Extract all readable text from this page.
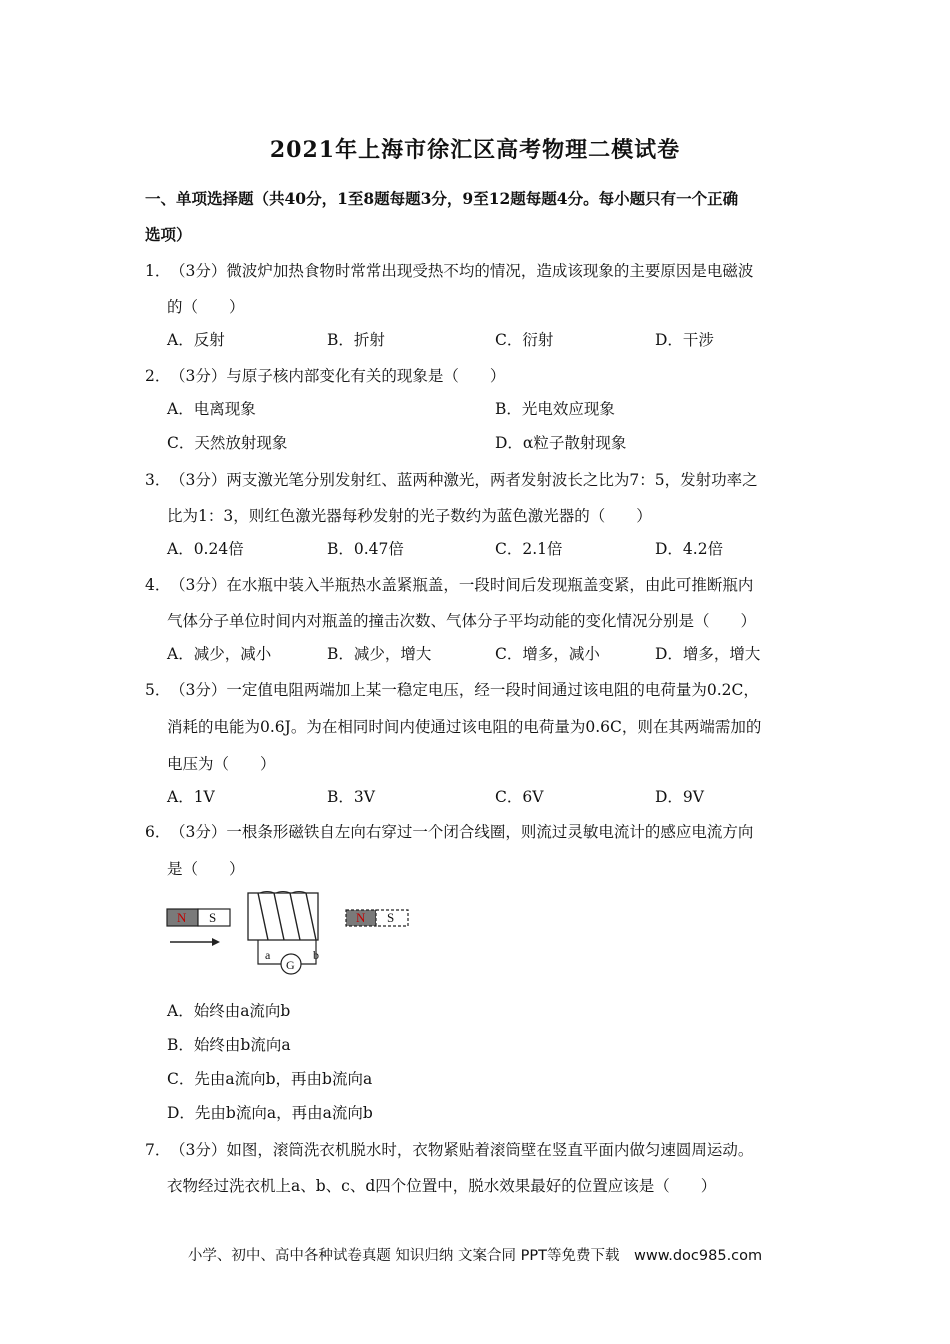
2021年上海市徐汇区高考物理二模试卷
一、单项选择题（共40分，1至8题每题3分，9至12题每题4分。每小题只有一个正确
选项）
1． （3分）微波炉加热食物时常常出现受热不均的情况，造成该现象的主要原因是电磁波
的（　　）
A．反射	B．折射	C．衍射	D．干涉
2． （3分）与原子核内部变化有关的现象是（　　）
A．电离现象	B．光电效应现象
C．天然放射现象	D．α粒子散射现象
3． （3分）两支激光笔分别发射红、蓝两种激光，两者发射波长之比为7：5，发射功率之
比为1：3，则红色激光器每秒发射的光子数约为蓝色激光器的（　　）
A．0.24倍	B．0.47倍	C．2.1倍	D．4.2倍
4． （3分）在水瓶中装入半瓶热水盖紧瓶盖，一段时间后发现瓶盖变紧，由此可推断瓶内
气体分子单位时间内对瓶盖的撞击次数、气体分子平均动能的变化情况分别是（　　）
A．减少，减小	B．减少，增大	C．增多，减小	D．增多，增大
5． （3分）一定值电阻两端加上某一稳定电压，经一段时间通过该电阻的电荷量为0.2C，
消耗的电能为0.6J。为在相同时间内使通过该电阻的电荷量为0.6C，则在其两端需加的
电压为（　　）
A．1V	B．3V	C．6V	D．9V
6． （3分）一根条形磁铁自左向右穿过一个闭合线圈，则流过灵敏电流计的感应电流方向
是（　　）
N S
G
a	b
N S
A．始终由a流向b
B．始终由b流向a
C．先由a流向b，再由b流向a
D．先由b流向a，再由a流向b
7． （3分）如图，滚筒洗衣机脱水时，衣物紧贴着滚筒壁在竖直平面内做匀速圆周运动。
衣物经过洗衣机上a、b、c、d四个位置中，脱水效果最好的位置应该是（　　）
小学、初中、高中各种试卷真题 知识归纳 文案合同 PPT等免费下载　www.doc985.com
